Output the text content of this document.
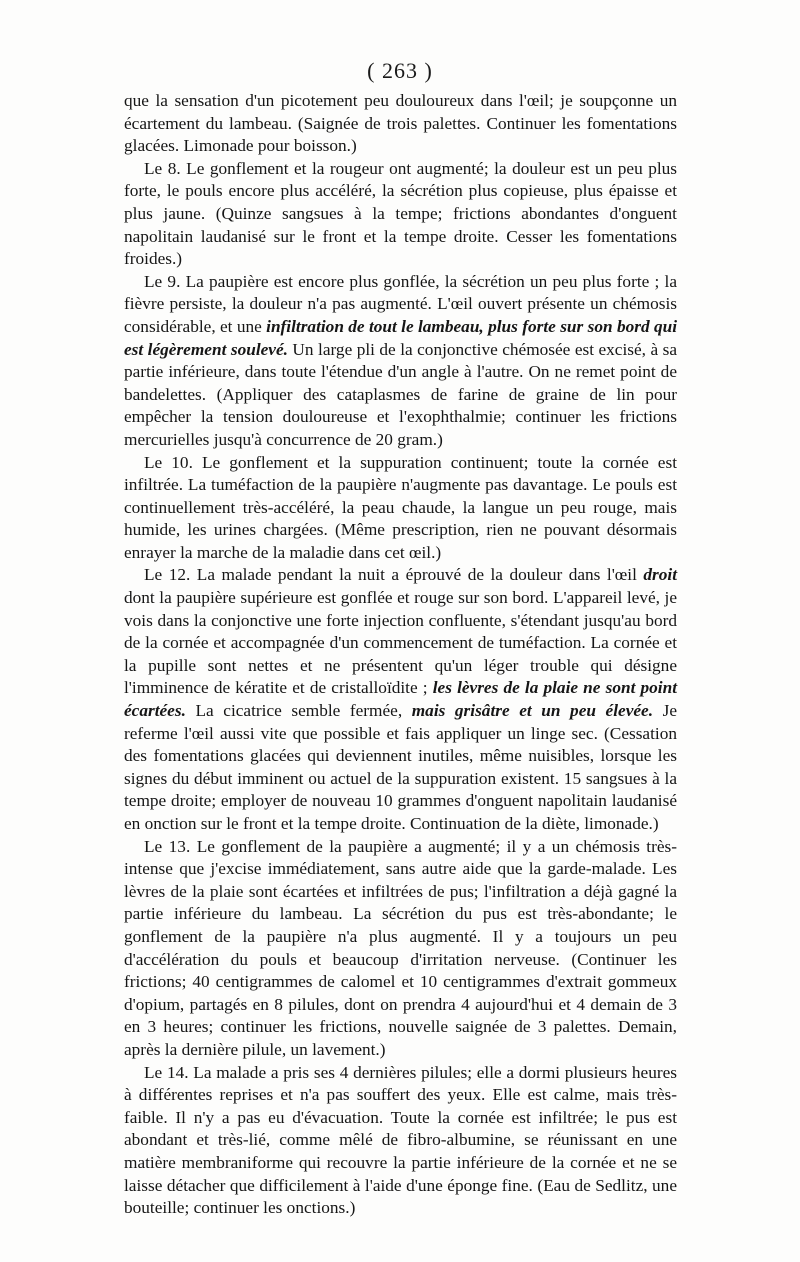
( 263 )

que la sensation d'un picotement peu douloureux dans l'œil; je soupçonne un écartement du lambeau. (Saignée de trois palettes. Continuer les fomentations glacées. Limonade pour boisson.)

Le 8. Le gonflement et la rougeur ont augmenté; la douleur est un peu plus forte, le pouls encore plus accéléré, la sécrétion plus copieuse, plus épaisse et plus jaune. (Quinze sangsues à la tempe; frictions abondantes d'onguent napolitain laudanisé sur le front et la tempe droite. Cesser les fomentations froides.)

Le 9. La paupière est encore plus gonflée, la sécrétion un peu plus forte ; la fièvre persiste, la douleur n'a pas augmenté. L'œil ouvert présente un chémosis considérable, et une infiltration de tout le lambeau, plus forte sur son bord qui est légèrement soulevé. Un large pli de la conjonctive chémosée est excisé, à sa partie inférieure, dans toute l'étendue d'un angle à l'autre. On ne remet point de bandelettes. (Appliquer des cataplasmes de farine de graine de lin pour empêcher la tension douloureuse et l'exophthalmie; continuer les frictions mercurielles jusqu'à concurrence de 20 gram.)

Le 10. Le gonflement et la suppuration continuent; toute la cornée est infiltrée. La tuméfaction de la paupière n'augmente pas davantage. Le pouls est continuellement très-accéléré, la peau chaude, la langue un peu rouge, mais humide, les urines chargées. (Même prescription, rien ne pouvant désormais enrayer la marche de la maladie dans cet œil.)

Le 12. La malade pendant la nuit a éprouvé de la douleur dans l'œil droit dont la paupière supérieure est gonflée et rouge sur son bord. L'appareil levé, je vois dans la conjonctive une forte injection confluente, s'étendant jusqu'au bord de la cornée et accompagnée d'un commencement de tuméfaction. La cornée et la pupille sont nettes et ne présentent qu'un léger trouble qui désigne l'imminence de kératite et de cristalloïdite ; les lèvres de la plaie ne sont point écartées. La cicatrice semble fermée, mais grisâtre et un peu élevée. Je referme l'œil aussi vite que possible et fais appliquer un linge sec. (Cessation des fomentations glacées qui deviennent inutiles, même nuisibles, lorsque les signes du début imminent ou actuel de la suppuration existent. 15 sangsues à la tempe droite; employer de nouveau 10 grammes d'onguent napolitain laudanisé en onction sur le front et la tempe droite. Continuation de la diète, limonade.)

Le 13. Le gonflement de la paupière a augmenté; il y a un chémosis très-intense que j'excise immédiatement, sans autre aide que la garde-malade. Les lèvres de la plaie sont écartées et infiltrées de pus; l'infiltration a déjà gagné la partie inférieure du lambeau. La sécrétion du pus est très-abondante; le gonflement de la paupière n'a plus augmenté. Il y a toujours un peu d'accélération du pouls et beaucoup d'irritation nerveuse. (Continuer les frictions; 40 centigrammes de calomel et 10 centigrammes d'extrait gommeux d'opium, partagés en 8 pilules, dont on prendra 4 aujourd'hui et 4 demain de 3 en 3 heures; continuer les frictions, nouvelle saignée de 3 palettes. Demain, après la dernière pilule, un lavement.)

Le 14. La malade a pris ses 4 dernières pilules; elle a dormi plusieurs heures à différentes reprises et n'a pas souffert des yeux. Elle est calme, mais très-faible. Il n'y a pas eu d'évacuation. Toute la cornée est infiltrée; le pus est abondant et très-lié, comme mêlé de fibro-albumine, se réunissant en une matière membraniforme qui recouvre la partie inférieure de la cornée et ne se laisse détacher que difficilement à l'aide d'une éponge fine. (Eau de Sedlitz, une bouteille; continuer les onctions.)
